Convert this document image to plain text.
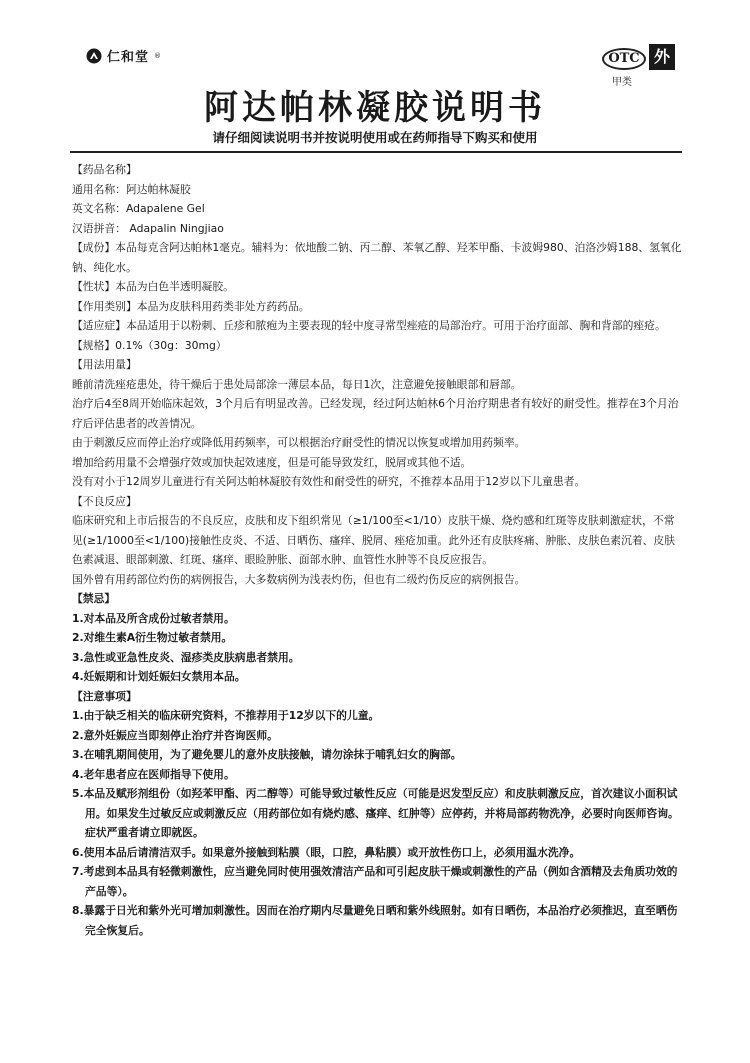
仁和堂 ®	OTC 外
甲类
阿达帕林凝胶说明书
请仔细阅读说明书并按说明使用或在药师指导下购买和使用

【药品名称】

通用名称：阿达帕林凝胶

英文名称：Adapalene Gel

汉语拼音： Adapalin Ningjiao

【成份】本品每克含阿达帕林1毫克。辅料为：依地酸二钠、丙二醇、苯氧乙醇、羟苯甲酯、卡波姆980、泊洛沙姆188、氢氧化钠、纯化水。

【性状】本品为白色半透明凝胶。

【作用类别】本品为皮肤科用药类非处方药药品。

【适应症】本品适用于以粉刺、丘疹和脓疱为主要表现的轻中度寻常型痤疮的局部治疗。可用于治疗面部、胸和背部的痤疮。

【规格】0.1%（30g：30mg）

【用法用量】

睡前清洗痤疮患处，待干燥后于患处局部涂一薄层本品，每日1次，注意避免接触眼部和唇部。

治疗后4至8周开始临床起效，3个月后有明显改善。已经发现，经过阿达帕林6个月治疗期患者有较好的耐受性。推荐在3个月治疗后评估患者的改善情况。

由于刺激反应而停止治疗或降低用药频率，可以根据治疗耐受性的情况以恢复或增加用药频率。

增加给药用量不会增强疗效或加快起效速度，但是可能导致发红，脱屑或其他不适。

没有对小于12周岁儿童进行有关阿达帕林凝胶有效性和耐受性的研究，不推荐本品用于12岁以下儿童患者。

【不良反应】

临床研究和上市后报告的不良反应，皮肤和皮下组织常见（≥1/100至<1/10）皮肤干燥、烧灼感和红斑等皮肤刺激症状，不常见(≥1/1000至<1/100)接触性皮炎、不适、日晒伤、瘙痒、脱屑、痤疮加重。此外还有皮肤疼痛、肿胀、皮肤色素沉着、皮肤色素减退、眼部刺激、红斑、瘙痒、眼睑肿胀、面部水肿、血管性水肿等不良反应报告。

国外曾有用药部位灼伤的病例报告，大多数病例为浅表灼伤，但也有二级灼伤反应的病例报告。

【禁忌】

1.对本品及所含成份过敏者禁用。

2.对维生素A衍生物过敏者禁用。

3.急性或亚急性皮炎、湿疹类皮肤病患者禁用。

4.妊娠期和计划妊娠妇女禁用本品。

【注意事项】

1.由于缺乏相关的临床研究资料，不推荐用于12岁以下的儿童。

2.意外妊娠应当即刻停止治疗并咨询医师。

3.在哺乳期间使用，为了避免婴儿的意外皮肤接触，请勿涂抹于哺乳妇女的胸部。

4.老年患者应在医师指导下使用。

5.本品及赋形剂组份（如羟苯甲酯、丙二醇等）可能导致过敏性反应（可能是迟发型反应）和皮肤刺激反应，首次建议小面积试用。如果发生过敏反应或刺激反应（用药部位如有烧灼感、瘙痒、红肿等）应停药，并将局部药物洗净，必要时向医师咨询。症状严重者请立即就医。

6.使用本品后请清洁双手。如果意外接触到粘膜（眼，口腔，鼻粘膜）或开放性伤口上，必须用温水洗净。

7.考虑到本品具有轻微刺激性，应当避免同时使用强效清洁产品和可引起皮肤干燥或刺激性的产品（例如含酒精及去角质功效的产品等）。

8.暴露于日光和紫外光可增加刺激性。因而在治疗期内尽量避免日晒和紫外线照射。如有日晒伤，本品治疗必须推迟，直至晒伤完全恢复后。
